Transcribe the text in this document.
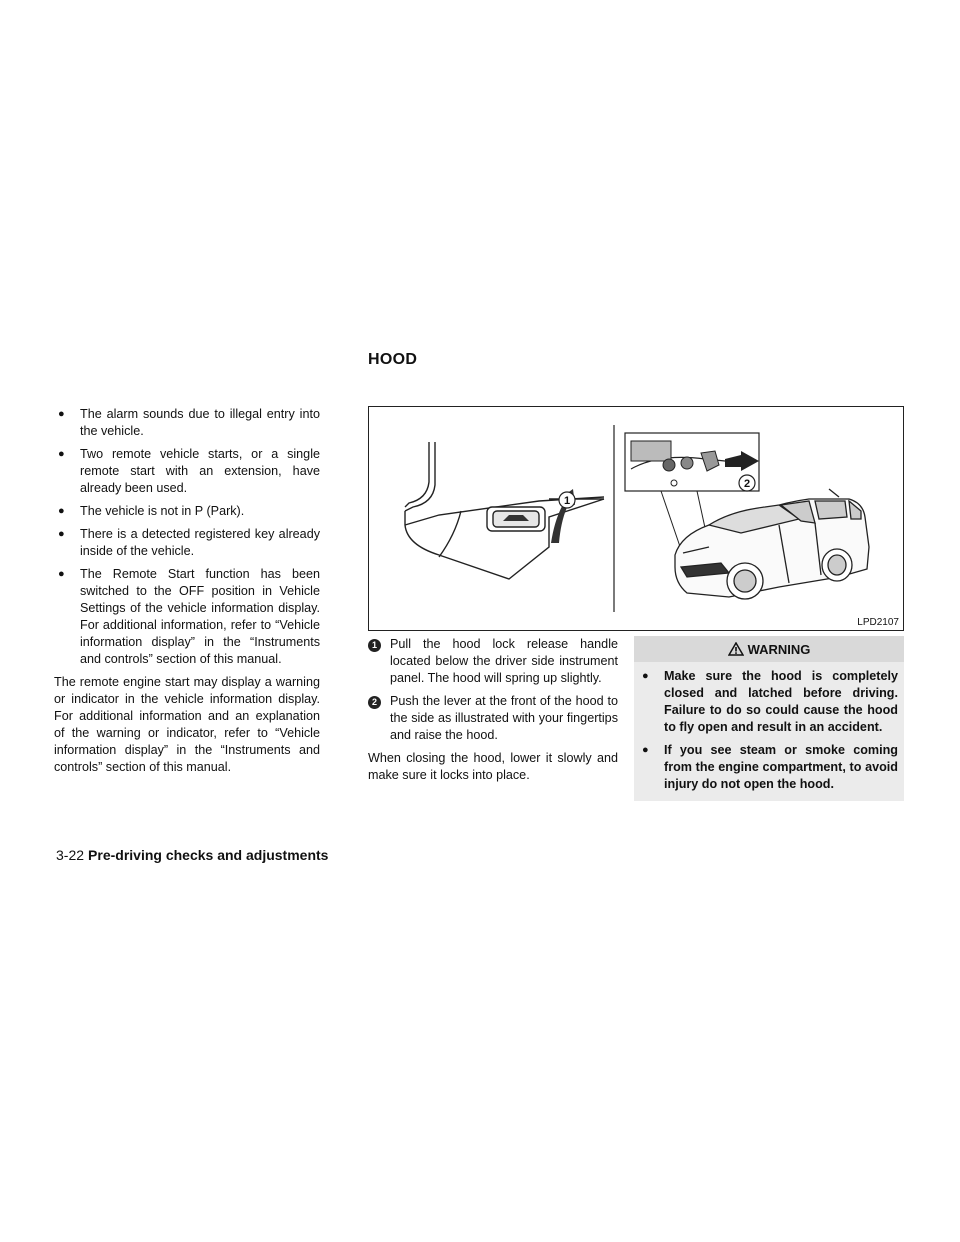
●	The alarm sounds due to illegal entry into the vehicle.
●	Two remote vehicle starts, or a single remote start with an extension, have already been used.
●	The vehicle is not in P (Park).
●	There is a detected registered key already inside of the vehicle.
●	The Remote Start function has been switched to the OFF position in Vehicle Settings of the vehicle information display. For additional information, refer to “Vehicle information display” in the “Instruments and controls” section of this manual.

The remote engine start may display a warning or indicator in the vehicle information display. For additional information and an explanation of the warning or indicator, refer to “Vehicle information display” in the “Instruments and controls” section of this manual.

HOOD
1
2
LPD2107
1	Pull the hood lock release handle located below the driver side instrument panel. The hood will spring up slightly.
2	Push the lever at the front of the hood to the side as illustrated with your fingertips and raise the hood.

When closing the hood, lower it slowly and make sure it locks into place.

WARNING
●	Make sure the hood is completely closed and latched before driving. Failure to do so could cause the hood to fly open and result in an accident.
●	If you see steam or smoke coming from the engine compartment, to avoid injury do not open the hood.
3-22 Pre-driving checks and adjustments
